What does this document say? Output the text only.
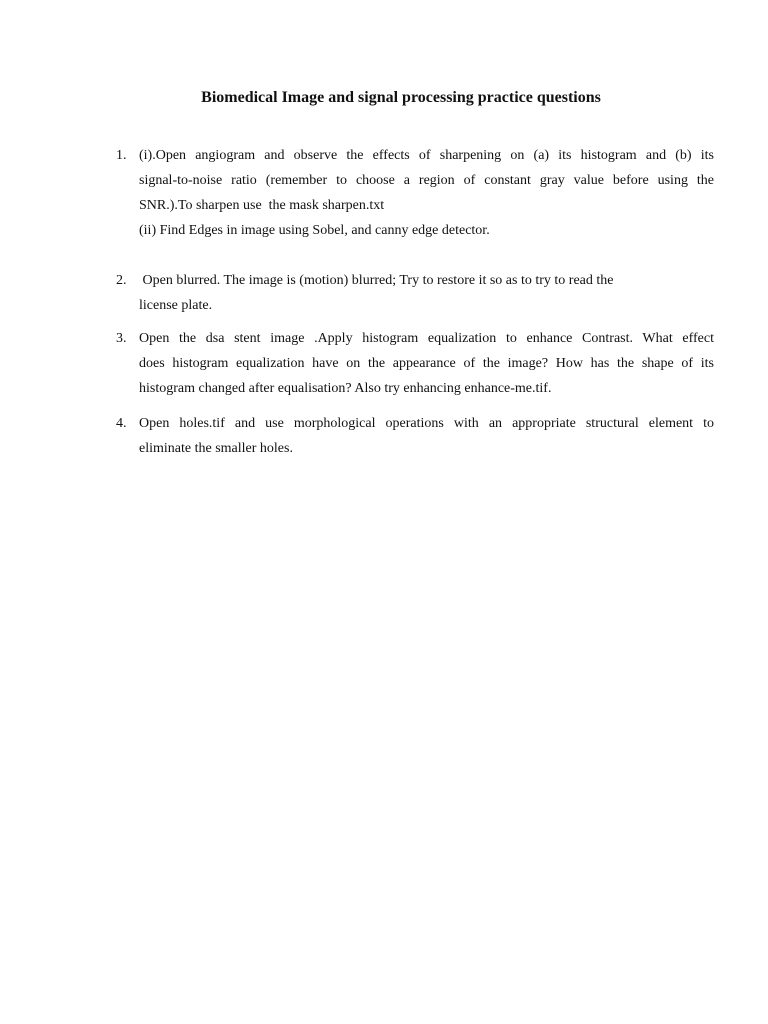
Biomedical Image and signal processing practice questions
1. (i).Open angiogram and observe the effects of sharpening on (a) its histogram and (b) its
signal-to-noise ratio (remember to choose a region of constant gray value before using the
SNR.).To sharpen use  the mask sharpen.txt
(ii) Find Edges in image using Sobel, and canny edge detector.
2. Open blurred. The image is (motion) blurred; Try to restore it so as to try to read the
license plate.
3. Open the dsa stent image .Apply histogram equalization to enhance Contrast. What effect
does histogram equalization have on the appearance of the image? How has the shape of its
histogram changed after equalisation? Also try enhancing enhance-me.tif.
4. Open holes.tif and use morphological operations with an appropriate structural element to
eliminate the smaller holes.
